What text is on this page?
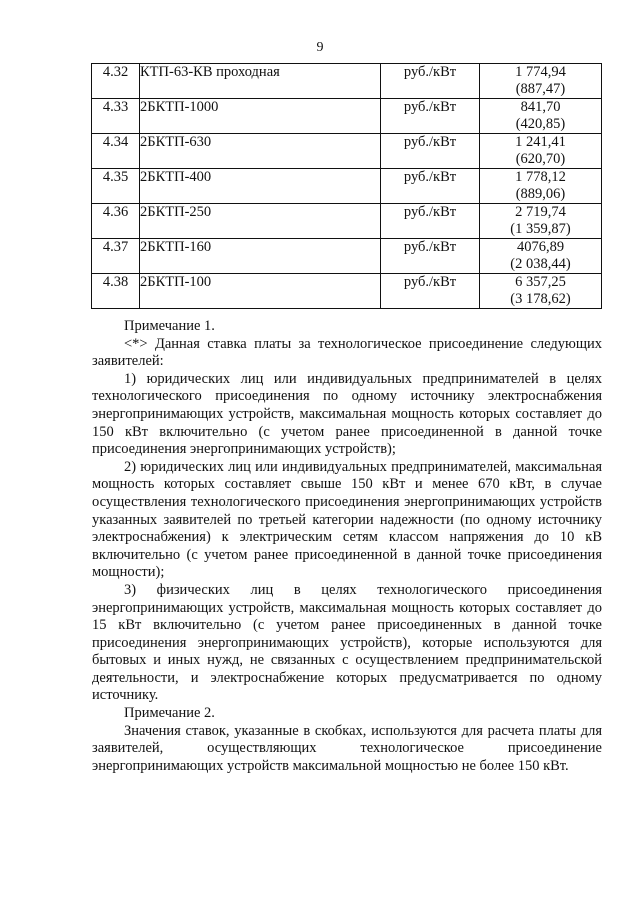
9
4.32	КТП-63-КВ проходная	руб./кВт	1 774,94
(887,47)

4.33	2БКТП-1000	руб./кВт	841,70
(420,85)

4.34	2БКТП-630	руб./кВт	1 241,41
(620,70)

4.35	2БКТП-400	руб./кВт	1 778,12
(889,06)

4.36	2БКТП-250	руб./кВт	2 719,74
(1 359,87)

4.37	2БКТП-160	руб./кВт	4076,89
(2 038,44)

4.38	2БКТП-100	руб./кВт	6 357,25
(3 178,62)

Примечание 1.

<*> Данная ставка платы за технологическое присоединение следующих заявителей:

1) юридических лиц или индивидуальных предпринимателей в целях технологического присоединения по одному источнику электроснабжения энергопринимающих устройств, максимальная мощность которых составляет до 150 кВт включительно (с учетом ранее присоединенной в данной точке присоединения энергопринимающих устройств);

2) юридических лиц или индивидуальных предпринимателей, максимальная мощность которых составляет свыше 150 кВт и менее 670 кВт, в случае осуществления технологического присоединения энергопринимающих устройств указанных заявителей по третьей категории надежности (по одному источнику электроснабжения) к электрическим сетям классом напряжения до 10 кВ включительно (с учетом ранее присоединенной в данной точке присоединения мощности);

3) физических лиц в целях технологического присоединения энергопринимающих устройств, максимальная мощность которых составляет до 15 кВт включительно (с учетом ранее присоединенных в данной точке присоединения энергопринимающих устройств), которые используются для бытовых и иных нужд, не связанных с осуществлением предпринимательской деятельности, и электроснабжение которых предусматривается по одному источнику.

Примечание 2.

Значения ставок, указанные в скобках, используются для расчета платы для заявителей, осуществляющих технологическое присоединение энергопринимающих устройств максимальной мощностью не более 150 кВт.
